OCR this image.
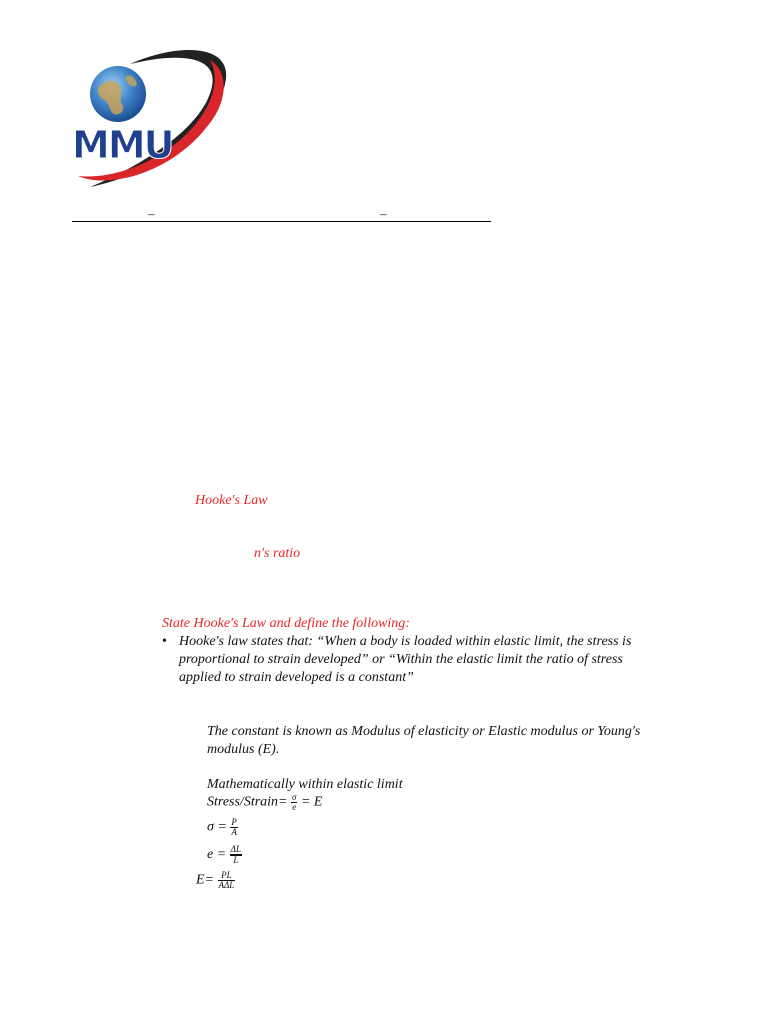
MMU
–	–
Hooke's Law
n's ratio
State Hooke's Law and define the following:
• Hooke's law states that: “When a body is loaded within elastic limit, the stress is
proportional to strain developed” or “Within the elastic limit the ratio of stress
applied to strain developed is a constant”
The constant is known as Modulus of elasticity or Elastic modulus or Young's
modulus (E).
Mathematically within elastic limit
Stress/Strain= $\frac{\sigma}{e} = E$
$\sigma = \frac{P}{A}$
$e = \frac{\Delta L}{L}$
$E= \frac{PL}{\text{AΔL}}$
